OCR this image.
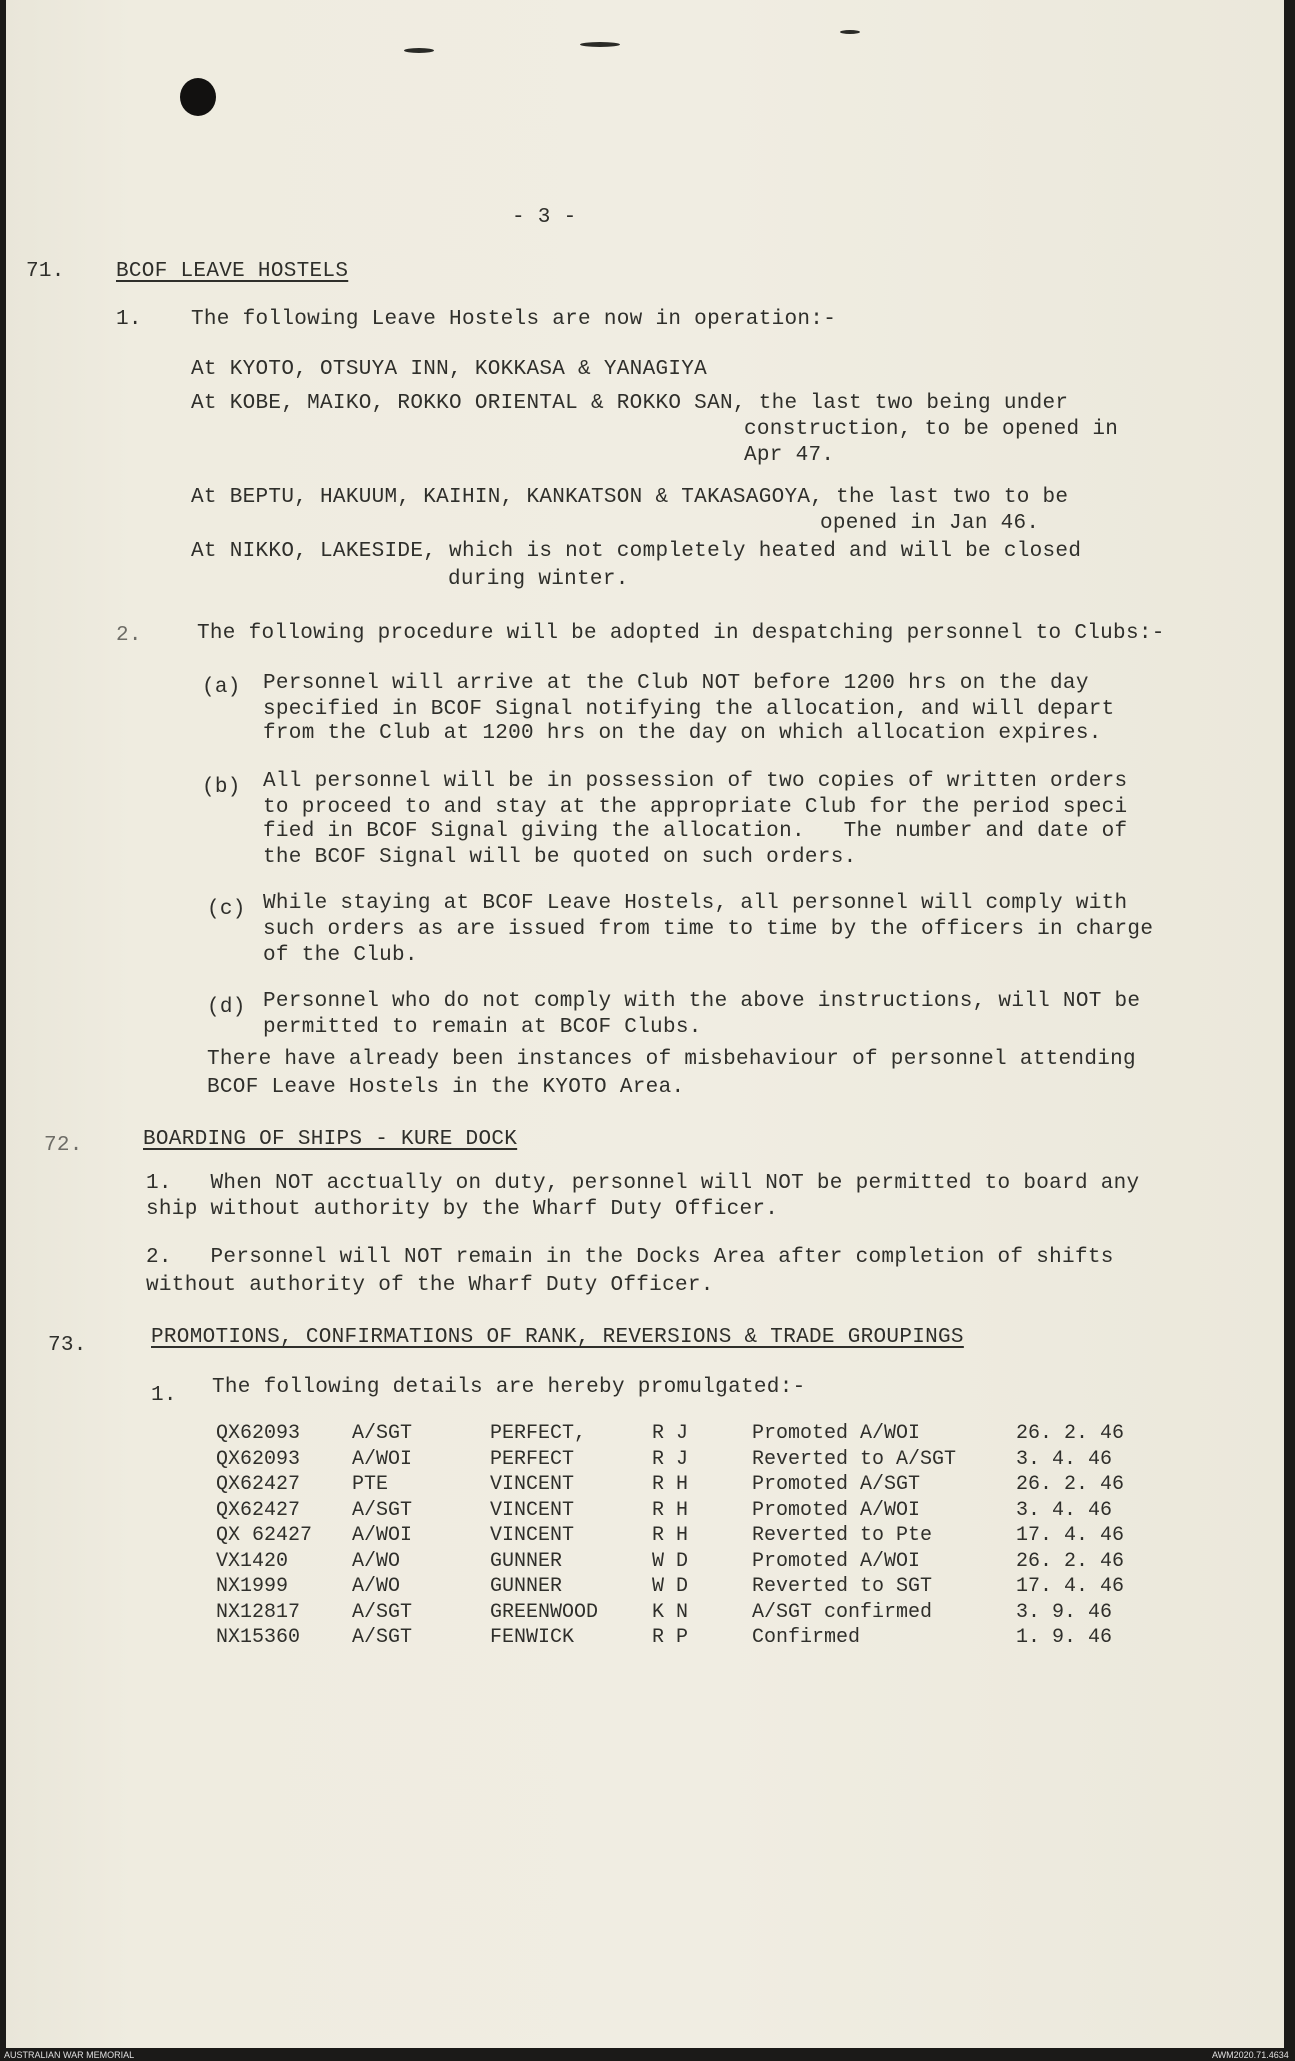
- 3 -
71. BCOF LEAVE HOSTELS
1. The following Leave Hostels are now in operation:-
At KYOTO, OTSUYA INN, KOKKASA & YANAGIYA
At KOBE, MAIKO, ROKKO ORIENTAL & ROKKO SAN, the last two being under
construction, to be opened in
Apr 47.
At BEPTU, HAKUUM, KAIHIN, KANKATSON & TAKASAGOYA, the last two to be
opened in Jan 46.
At NIKKO, LAKESIDE, which is not completely heated and will be closed
during winter.
2.	The following procedure will be adopted in despatching personnel to Clubs:-
(a) Personnel will arrive at the Club NOT before 1200 hrs on the day
specified in BCOF Signal notifying the allocation, and will depart
from the Club at 1200 hrs on the day on which allocation expires.
(b) All personnel will be in possession of two copies of written orders
to proceed to and stay at the appropriate Club for the period speci
fied in BCOF Signal giving the allocation.   The number and date of
the BCOF Signal will be quoted on such orders.
(c) While staying at BCOF Leave Hostels, all personnel will comply with
such orders as are issued from time to time by the officers in charge
of the Club.
(d) Personnel who do not comply with the above instructions, will NOT be
permitted to remain at BCOF Clubs.
There have already been instances of misbehaviour of personnel attending
BCOF Leave Hostels in the KYOTO Area.
72.	BOARDING OF SHIPS - KURE DOCK
1.   When NOT acctually on duty, personnel will NOT be permitted to board any
ship without authority by the Wharf Duty Officer.
2.   Personnel will NOT remain in the Docks Area after completion of shifts
without authority of the Wharf Duty Officer.
73.	PROMOTIONS, CONFIRMATIONS OF RANK, REVERSIONS & TRADE GROUPINGS
1. The following details are hereby promulgated:-
QX62093	A/SGT	PERFECT,	R J	Promoted A/WOI	26. 2. 46
QX62093	A/WOI	PERFECT	R J	Reverted to A/SGT	3. 4. 46
QX62427	PTE	VINCENT	R H	Promoted A/SGT	26. 2. 46
QX62427	A/SGT	VINCENT	R H	Promoted A/WOI	3. 4. 46
QX 62427 A/WOI	VINCENT	R H	Reverted to Pte	17. 4. 46
VX1420	A/WO	GUNNER	W D	Promoted A/WOI	26. 2. 46
NX1999	A/WO	GUNNER	W D	Reverted to SGT	17. 4. 46
NX12817	A/SGT	GREENWOOD	K N	A/SGT confirmed	3. 9. 46
NX15360	A/SGT	FENWICK	R P	Confirmed	1. 9. 46
AUSTRALIAN WAR MEMORIAL	AWM2020.71.4634
